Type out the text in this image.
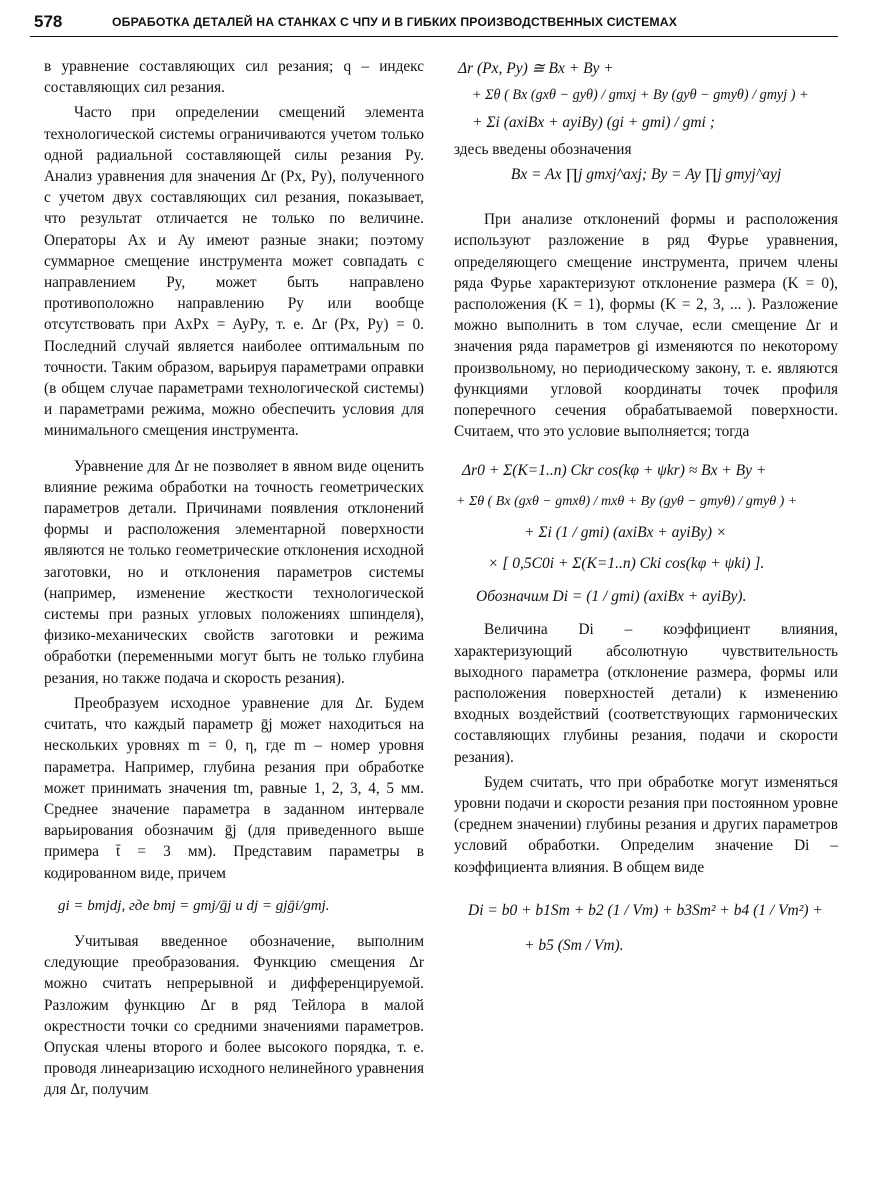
578	ОБРАБОТКА ДЕТАЛЕЙ НА СТАНКАХ С ЧПУ И В ГИБКИХ ПРОИЗВОДСТВЕННЫХ СИСТЕМАХ

в уравнение составляющих сил резания; q – индекс составляющих сил резания.

Часто при определении смещений элемента технологической системы ограничиваются учетом только одной радиальной составляющей силы резания Py. Анализ уравнения для значения Δr (Px, Py), полученного с учетом двух составляющих сил резания, показывает, что результат отличается не только по величине. Операторы Ax и Ay имеют разные знаки; поэтому суммарное смещение инструмента может совпадать с направлением Py, может быть направлено противоположно направлению Py или вообще отсутствовать при AxPx = AyPy, т. е. Δr (Px, Py) = 0. Последний случай является наиболее оптимальным по точности. Таким образом, варьируя параметрами оправки (в общем случае параметрами технологической системы) и параметрами режима, можно обеспечить условия для минимального смещения инструмента.

Уравнение для Δr не позволяет в явном виде оценить влияние режима обработки на точность геометрических параметров детали. Причинами появления отклонений формы и расположения элементарной поверхности являются не только геометрические отклонения исходной заготовки, но и отклонения параметров системы (например, изменение жесткости технологической системы при разных угловых положениях шпинделя), физико-механических свойств заготовки и режима обработки (переменными могут быть не только глубина резания, но также подача и скорость резания).

Преобразуем исходное уравнение для Δr. Будем считать, что каждый параметр ḡj может находиться на нескольких уровнях m = 0, η, где m – номер уровня параметра. Например, глубина резания при обработке может принимать значения tm, равные 1, 2, 3, 4, 5 мм. Среднее значение параметра в заданном интервале варьирования обозначим ḡj (для приведенного выше примера t̄ = 3 мм). Представим параметры в кодированном виде, причем

gi = bmjdj, где bmj = gmj/ḡj и dj = gjḡi/gmj.

Учитывая введенное обозначение, выполним следующие преобразования. Функцию смещения Δr можно считать непрерывной и дифференцируемой. Разложим функцию Δr в ряд Тейлора в малой окрестности точки со средними значениями параметров. Опуская члены второго и более высокого порядка, т. е. проводя линеаризацию исходного нелинейного уравнения для Δr, получим

Δr (Px, Py) ≅ Bx + By +
+ Σθ ( Bx (gxθ − gyθ) / gmxj + By (gyθ − gmyθ) / gmyj ) +
+ Σi (axiBx + ayiBy) (gi + gmi) / gmi ;

здесь введены обозначения

Bx = Ax ∏j gmxj^axj; By = Ay ∏j gmyj^ayj

При анализе отклонений формы и расположения используют разложение в ряд Фурье уравнения, определяющего смещение инструмента, причем члены ряда Фурье характеризуют отклонение размера (K = 0), расположения (K = 1), формы (K = 2, 3, ... ). Разложение можно выполнить в том случае, если смещение Δr и значения ряда параметров gi изменяются по некоторому произвольному, но периодическому закону, т. е. являются функциями угловой координаты точек профиля поперечного сечения обрабатываемой поверхности. Считаем, что это условие выполняется; тогда

Δr0 + Σ(K=1..n) Ckr cos(kφ + ψkr) ≈ Bx + By +
+ Σθ ( Bx (gxθ − gmxθ) / mxθ + By (gyθ − gmyθ) / gmyθ ) +
+ Σi (1 / gmi) (axiBx + ayiBy) ×
× [ 0,5C0i + Σ(K=1..n) Cki cos(kφ + ψki) ].
Обозначим Di = (1 / gmi) (axiBx + ayiBy).

Величина Di – коэффициент влияния, характеризующий абсолютную чувствительность выходного параметра (отклонение размера, формы или расположения поверхностей детали) к изменению входных воздействий (соответствующих гармонических составляющих глубины резания, подачи и скорости резания).

Будем считать, что при обработке могут изменяться уровни подачи и скорости резания при постоянном уровне (среднем значении) глубины резания и других параметров условий обработки. Определим значение Di – коэффициента влияния. В общем виде

Di = b0 + b1Sm + b2 (1 / Vm) + b3Sm² + b4 (1 / Vm²) +
+ b5 (Sm / Vm).
